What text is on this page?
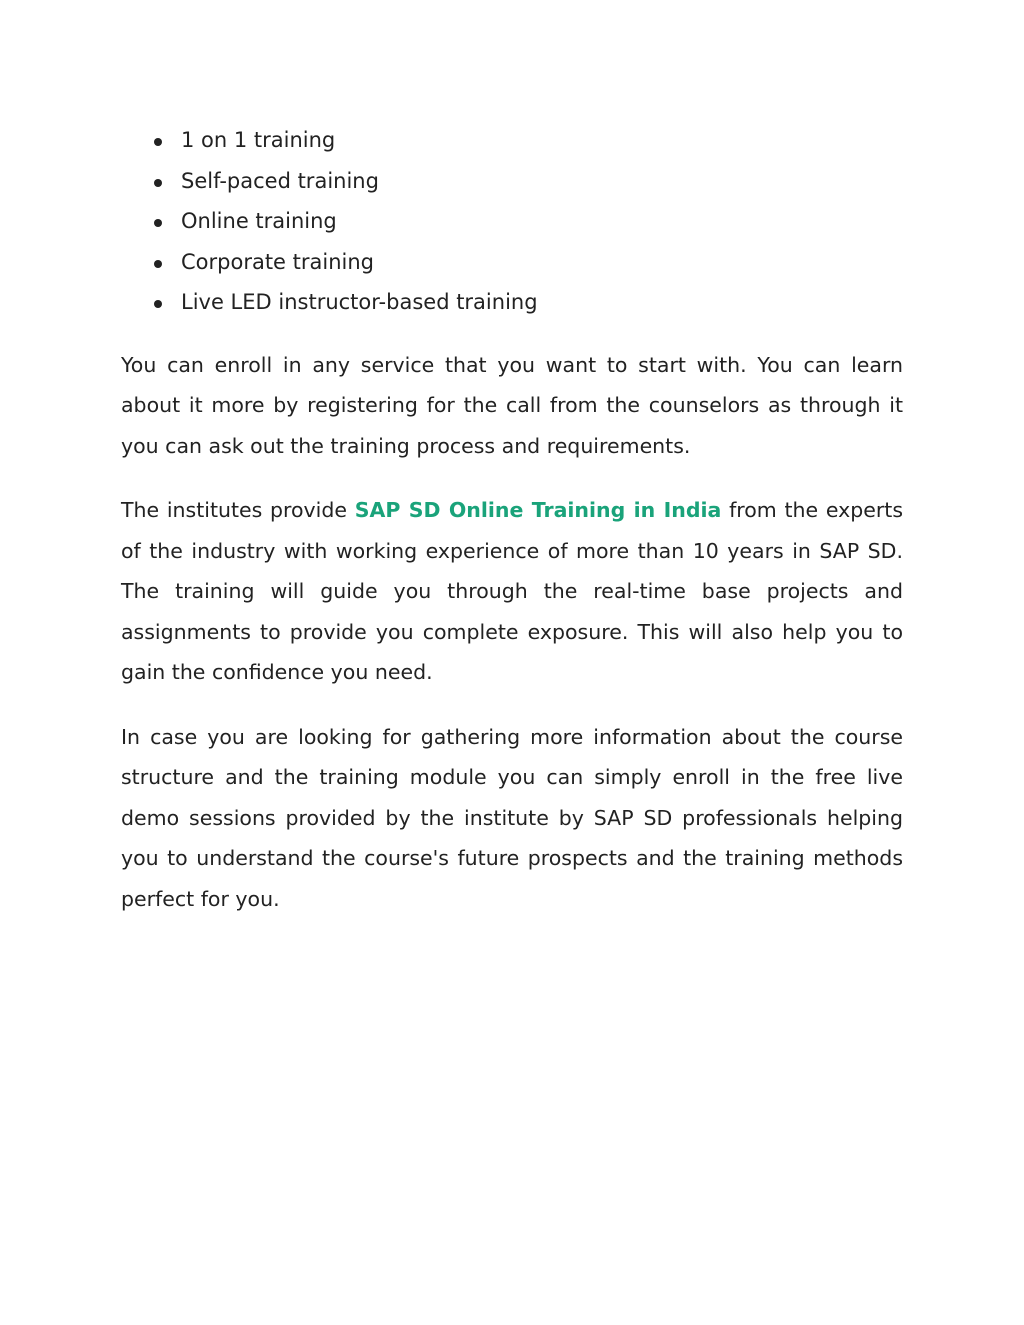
1 on 1 training
Self-paced training
Online training
Corporate training
Live LED instructor-based training

You can enroll in any service that you want to start with. You can learn about it more by registering for the call from the counselors as through it you can ask out the training process and requirements.

The institutes provide SAP SD Online Training in India from the experts of the industry with working experience of more than 10 years in SAP SD. The training will guide you through the real-time base projects and assignments to provide you complete exposure. This will also help you to gain the confidence you need.

In case you are looking for gathering more information about the course structure and the training module you can simply enroll in the free live demo sessions provided by the institute by SAP SD professionals helping you to understand the course's future prospects and the training methods perfect for you.
